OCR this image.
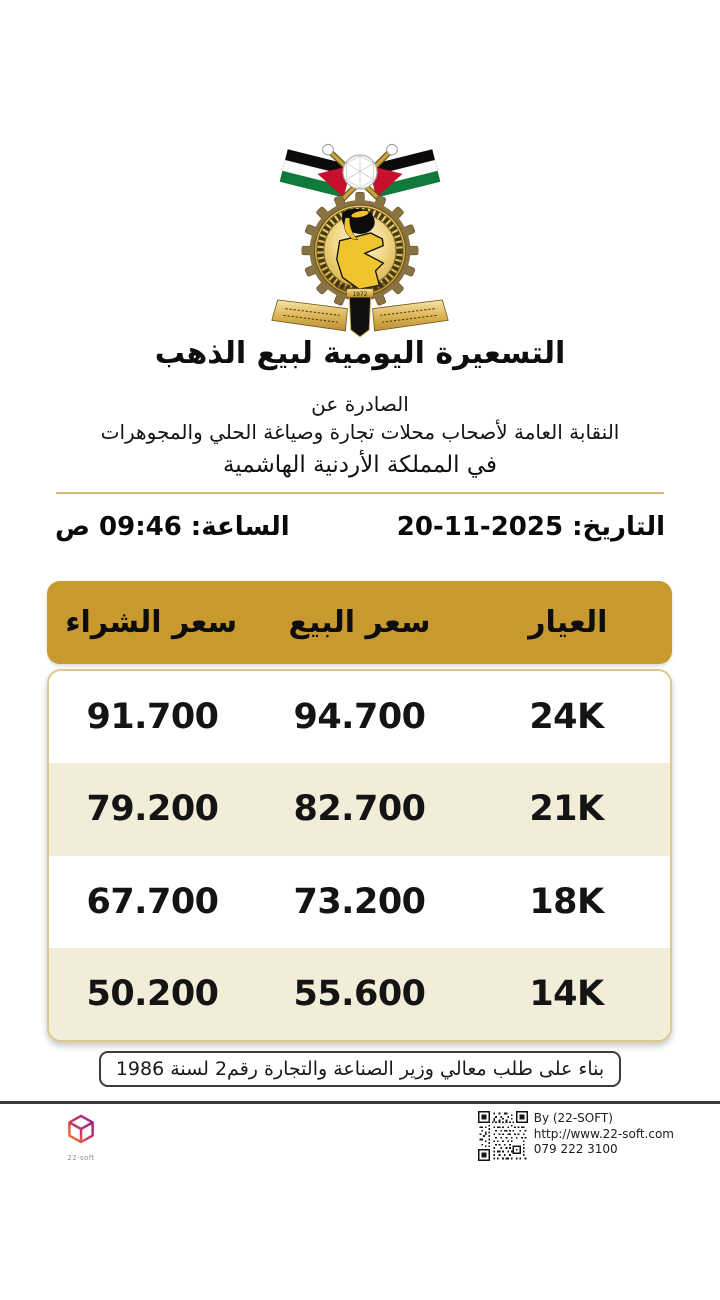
1972
التسعيرة اليومية لبيع الذهب
الصادرة عن
النقابة العامة لأصحاب محلات تجارة وصياغة الحلي والمجوهرات
في المملكة الأردنية الهاشمية
التاريخ:
20-11-2025
الساعة:
09:46 ص
العيار
سعر البيع
سعر الشراء
24K
94.700
91.700
21K
82.700
79.200
18K
73.200
67.700
14K
55.600
50.200
بناء على طلب معالي وزير الصناعة والتجارة رقم2 لسنة 1986
22-soft
By (22-SOFT)
http://www.22-soft.com
079 222 3100
